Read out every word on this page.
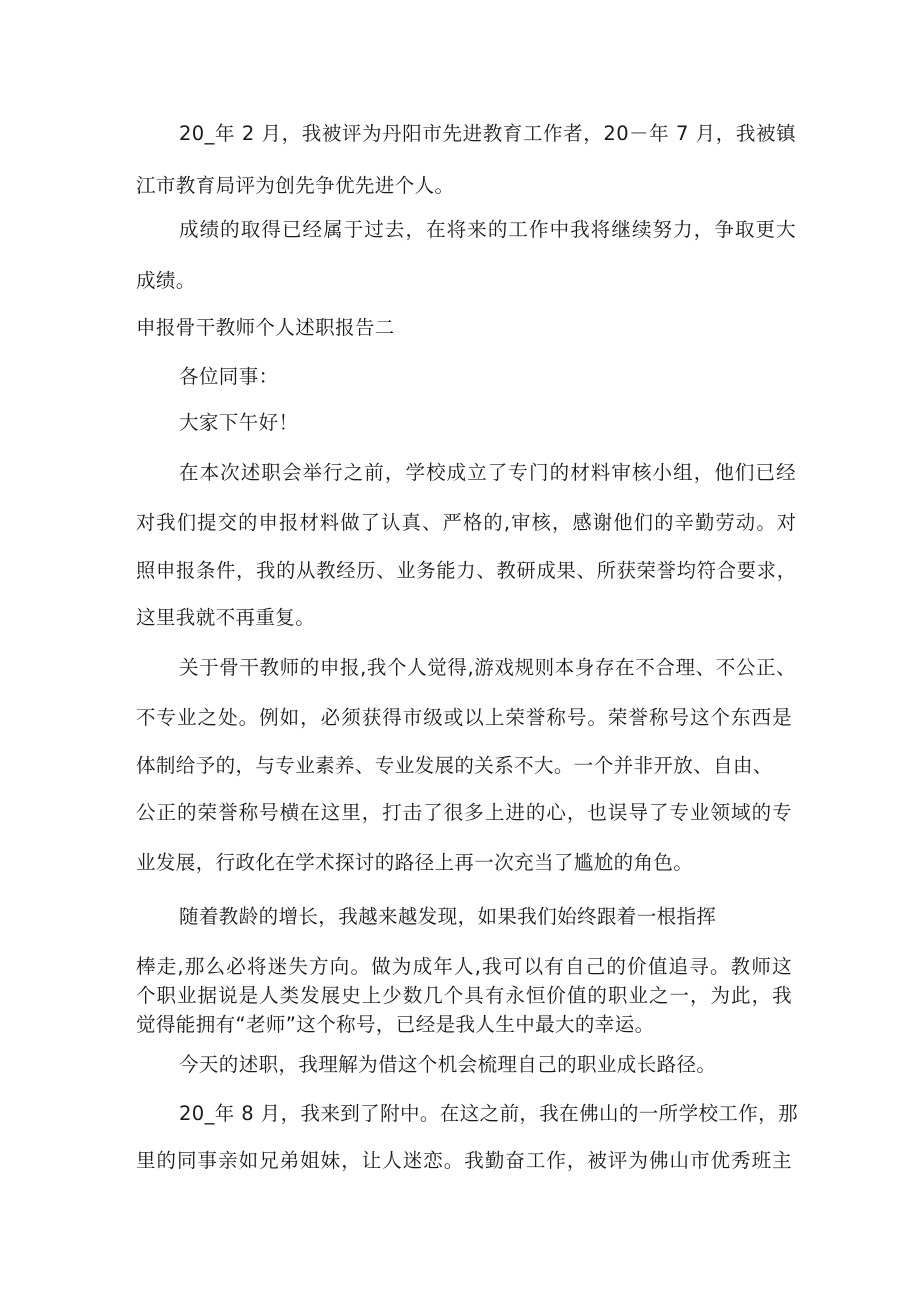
20_年 2 月，我被评为丹阳市先进教育工作者，20－年 7 月，我被镇
江市教育局评为创先争优先进个人。
成绩的取得已经属于过去，在将来的工作中我将继续努力，争取更大
成绩。
申报骨干教师个人述职报告二
各位同事：
大家下午好！
在本次述职会举行之前，学校成立了专门的材料审核小组，他们已经
对我们提交的申报材料做了认真、严格的,审核，感谢他们的辛勤劳动。对
照申报条件，我的从教经历、业务能力、教研成果、所获荣誉均符合要求，
这里我就不再重复。
关于骨干教师的申报,我个人觉得,游戏规则本身存在不合理、不公正、
不专业之处。例如，必须获得市级或以上荣誉称号。荣誉称号这个东西是
体制给予的，与专业素养、专业发展的关系不大。一个并非开放、自由、
公正的荣誉称号横在这里，打击了很多上进的心，也误导了专业领域的专
业发展，行政化在学术探讨的路径上再一次充当了尴尬的角色。
随着教龄的增长，我越来越发现，如果我们始终跟着一根指挥
棒走,那么必将迷失方向。做为成年人,我可以有自己的价值追寻。教师这
个职业据说是人类发展史上少数几个具有永恒价值的职业之一，为此，我
觉得能拥有“老师”这个称号，已经是我人生中最大的幸运。
今天的述职，我理解为借这个机会梳理自己的职业成长路径。
20_年 8 月，我来到了附中。在这之前，我在佛山的一所学校工作，那
里的同事亲如兄弟姐妹，让人迷恋。我勤奋工作，被评为佛山市优秀班主
